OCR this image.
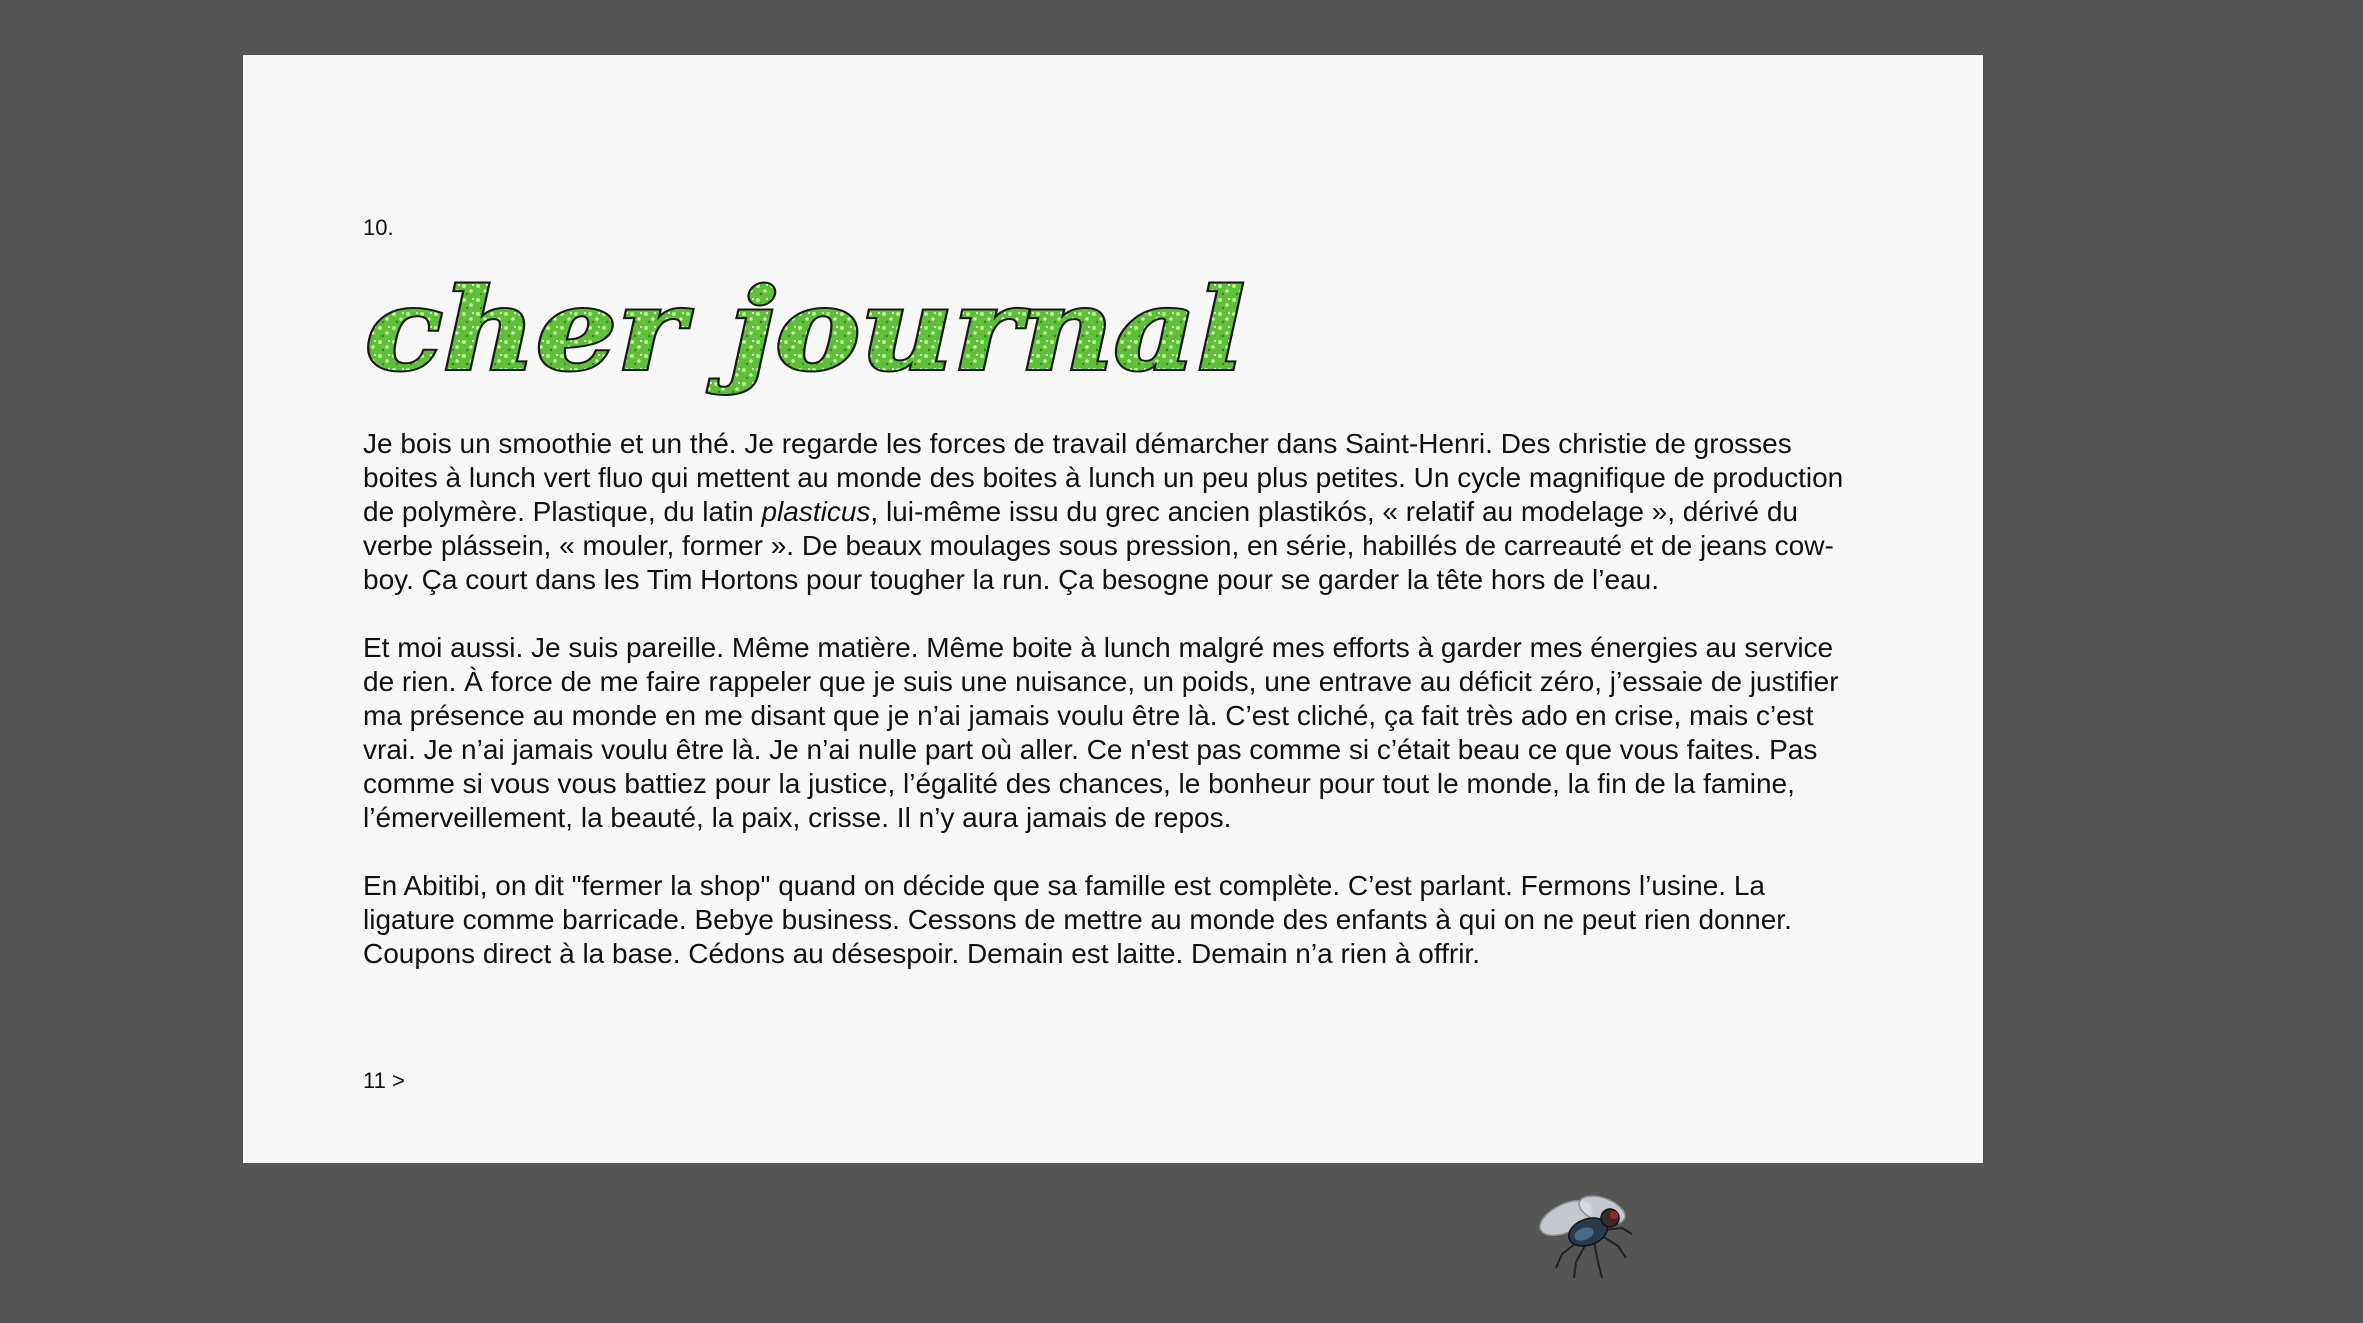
10.
cher journal

Je bois un smoothie et un thé. Je regarde les forces de travail démarcher dans Saint-Henri. Des christie de grosses boites à lunch vert fluo qui mettent au monde des boites à lunch un peu plus petites. Un cycle magnifique de production de polymère. Plastique, du latin plasticus, lui-même issu du grec ancien plastikós, « relatif au modelage », dérivé du verbe plássein, « mouler, former ». De beaux moulages sous pression, en série, habillés de carreauté et de jeans cow-boy. Ça court dans les Tim Hortons pour tougher la run. Ça besogne pour se garder la tête hors de l’eau.

Et moi aussi. Je suis pareille. Même matière. Même boite à lunch malgré mes efforts à garder mes énergies au service de rien. À force de me faire rappeler que je suis une nuisance, un poids, une entrave au déficit zéro, j’essaie de justifier ma présence au monde en me disant que je n’ai jamais voulu être là. C’est cliché, ça fait très ado en crise, mais c’est vrai. Je n’ai jamais voulu être là. Je n’ai nulle part où aller. Ce n'est pas comme si c’était beau ce que vous faites. Pas comme si vous vous battiez pour la justice, l’égalité des chances, le bonheur pour tout le monde, la fin de la famine, l’émerveillement, la beauté, la paix, crisse. Il n’y aura jamais de repos.

En Abitibi, on dit "fermer la shop" quand on décide que sa famille est complète. C’est parlant. Fermons l’usine. La ligature comme barricade. Bebye business. Cessons de mettre au monde des enfants à qui on ne peut rien donner. Coupons direct à la base. Cédons au désespoir. Demain est laitte. Demain n’a rien à offrir.

11 >
